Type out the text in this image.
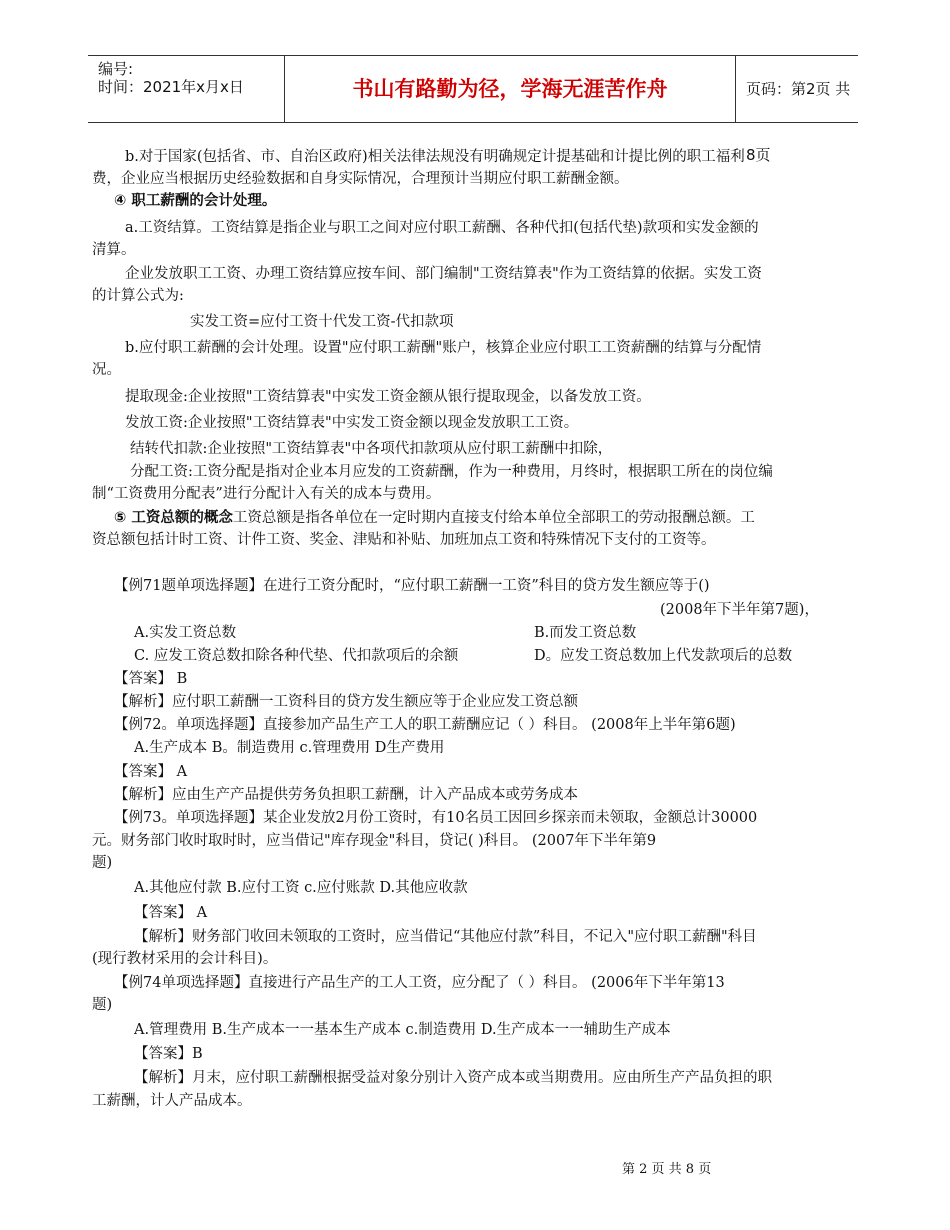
编号:
时间：2021年x月x日	书山有路勤为径，学海无涯苦作舟	页码：第2页 共8页
b.对于国家(包括省、市、自治区政府)相关法律法规没有明确规定计提基础和计提比例的职工福利
费，企业应当根据历史经验数据和自身实际情况，合理预计当期应付职工薪酬金额。
④ 职工薪酬的会计处理。
a.工资结算。工资结算是指企业与职工之间对应付职工薪酬、各种代扣(包括代垫)款项和实发金额的
清算。
企业发放职工工资、办理工资结算应按车间、部门编制"工资结算表"作为工资结算的依据。实发工资
的计算公式为:
实发工资=应付工资十代发工资-代扣款项
b.应付职工薪酬的会计处理。设置"应付职工薪酬"账户，核算企业应付职工工资薪酬的结算与分配情
况。
提取现金:企业按照"工资结算表"中实发工资金额从银行提取现金，以备发放工资。
发放工资:企业按照"工资结算表"中实发工资金额以现金发放职工工资。
结转代扣款:企业按照"工资结算表"中各项代扣款项从应付职工薪酬中扣除，
分配工资:工资分配是指对企业本月应发的工资薪酬，作为一种费用，月终时，根据职工所在的岗位编
制“工资费用分配表”进行分配计入有关的成本与费用。
⑤ 工资总额的概念工资总额是指各单位在一定时期内直接支付给本单位全部职工的劳动报酬总额。工
资总额包括计时工资、计件工资、奖金、津贴和补贴、加班加点工资和特殊情况下支付的工资等。
【例71题单项选择题】在进行工资分配时，“应付职工薪酬一工资”科目的贷方发生额应等于()
(2008年下半年第7题)，
A.实发工资总数	B.而发工资总数
C. 应发工资总数扣除各种代垫、代扣款项后的余额	D。应发工资总数加上代发款项后的总数
【答案】 B
【解析】应付职工薪酬一工资科目的贷方发生额应等于企业应发工资总额
【例72。单项选择题】直接参加产品生产工人的职工薪酬应记（ ）科目。 (2008年上半年第6题)
A.生产成本 B。制造费用 c.管理费用 D生产费用
【答案】 A
【解析】应由生产产品提供劳务负担职工薪酬，计入产品成本或劳务成本
【例73。单项选择题】某企业发放2月份工资时，有10名员工因回乡探亲而未领取，金额总计30000
元。财务部门收时取时时，应当借记"库存现金"科目，贷记( )科目。 (2007年下半年第9
题)
A.其他应付款 B.应付工资 c.应付账款 D.其他应收款
【答案】 A
【解析】财务部门收回未领取的工资时，应当借记“其他应付款”科目，不记入"应付职工薪酬"科目
(现行教材采用的会计科目)。
【例74单项选择题】直接进行产品生产的工人工资，应分配了（ ）科目。 (2006年下半年第13
题)
A.管理费用 B.生产成本一一基本生产成本 c.制造费用 D.生产成本一一辅助生产成本
【答案】B
【解析】月末，应付职工薪酬根据受益对象分别计入资产成本或当期费用。应由所生产产品负担的职
工薪酬，计人产品成本。
第 2 页 共 8 页
